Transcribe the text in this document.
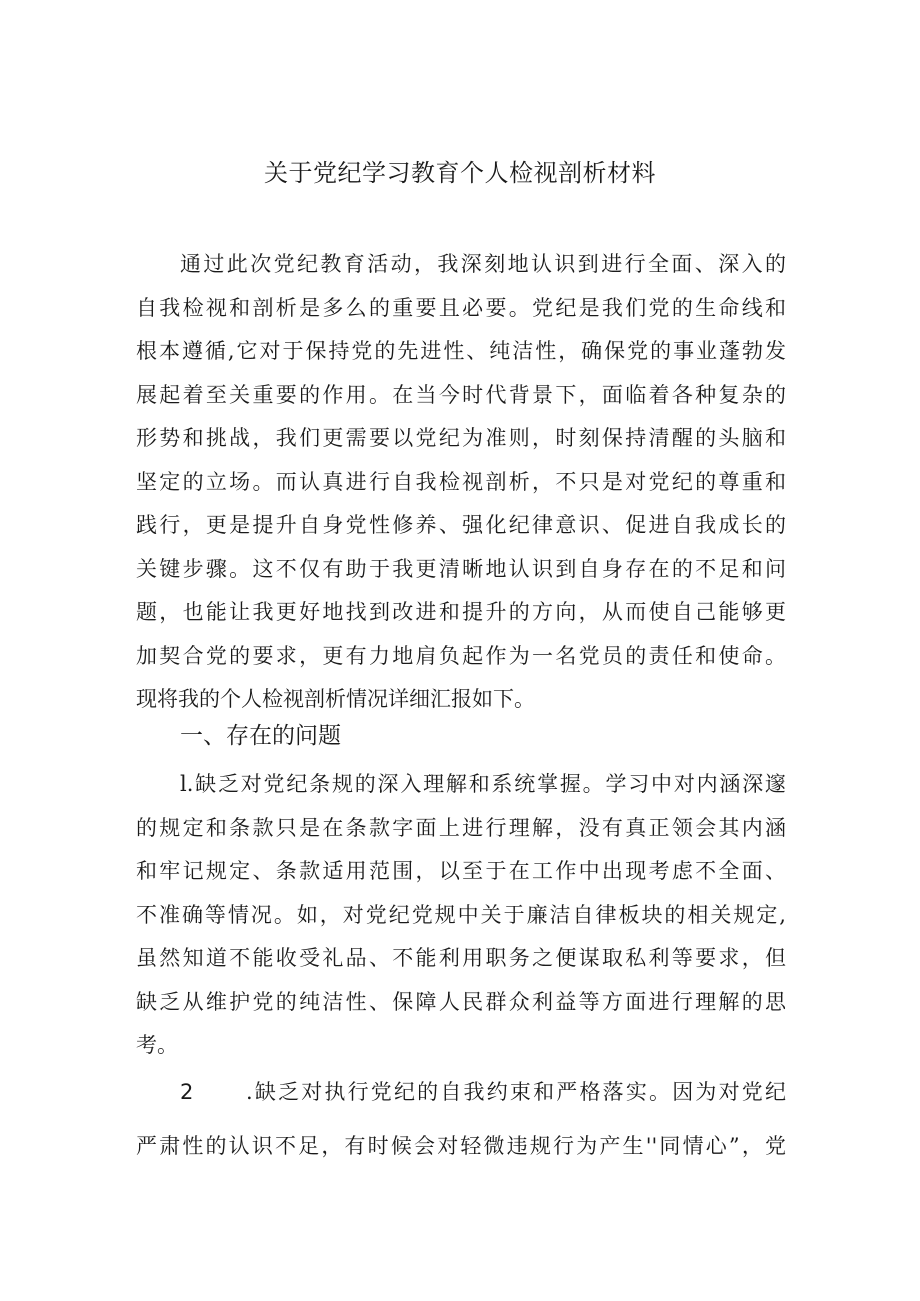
关于党纪学习教育个人检视剖析材料
通过此次党纪教育活动，我深刻地认识到进行全面、深入的
自我检视和剖析是多么的重要且必要。党纪是我们党的生命线和
根本遵循,它对于保持党的先进性、纯洁性，确保党的事业蓬勃发
展起着至关重要的作用。在当今时代背景下，面临着各种复杂的
形势和挑战，我们更需要以党纪为准则，时刻保持清醒的头脑和
坚定的立场。而认真进行自我检视剖析，不只是对党纪的尊重和
践行，更是提升自身党性修养、强化纪律意识、促进自我成长的
关键步骤。这不仅有助于我更清晰地认识到自身存在的不足和问
题，也能让我更好地找到改进和提升的方向，从而使自己能够更
加契合党的要求，更有力地肩负起作为一名党员的责任和使命。
现将我的个人检视剖析情况详细汇报如下。
一、存在的问题
l.缺乏对党纪条规的深入理解和系统掌握。学习中对内涵深邃
的规定和条款只是在条款字面上进行理解，没有真正领会其内涵
和牢记规定、条款适用范围，以至于在工作中出现考虑不全面、
不准确等情况。如，对党纪党规中关于廉洁自律板块的相关规定,
虽然知道不能收受礼品、不能利用职务之便谋取私利等要求，但
缺乏从维护党的纯洁性、保障人民群众利益等方面进行理解的思
考。
2	.缺乏对执行党纪的自我约束和严格落实。因为对党纪
严肃性的认识不足，有时候会对轻微违规行为产生''同情心”，党
